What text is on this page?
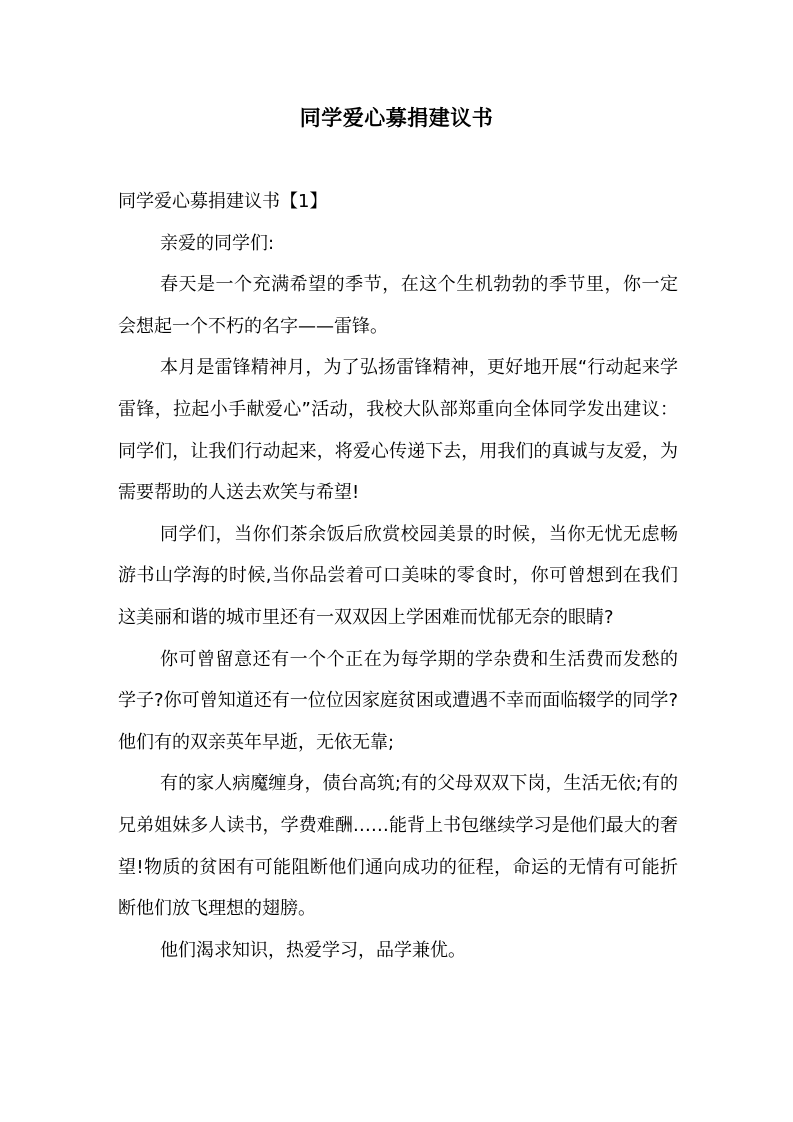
同学爱心募捐建议书

同学爱心募捐建议书【1】

亲爱的同学们:

春天是一个充满希望的季节，在这个生机勃勃的季节里，你一定会想起一个不朽的名字——雷锋。

本月是雷锋精神月，为了弘扬雷锋精神，更好地开展“行动起来学雷锋，拉起小手献爱心”活动，我校大队部郑重向全体同学发出建议：同学们，让我们行动起来，将爱心传递下去，用我们的真诚与友爱，为需要帮助的人送去欢笑与希望!

同学们，当你们茶余饭后欣赏校园美景的时候，当你无忧无虑畅游书山学海的时候,当你品尝着可口美味的零食时，你可曾想到在我们这美丽和谐的城市里还有一双双因上学困难而忧郁无奈的眼睛?

你可曾留意还有一个个正在为每学期的学杂费和生活费而发愁的学子?你可曾知道还有一位位因家庭贫困或遭遇不幸而面临辍学的同学?他们有的双亲英年早逝，无依无靠;

有的家人病魔缠身，债台高筑;有的父母双双下岗，生活无依;有的兄弟姐妹多人读书，学费难酬……能背上书包继续学习是他们最大的奢望!物质的贫困有可能阻断他们通向成功的征程，命运的无情有可能折断他们放飞理想的翅膀。

他们渴求知识，热爱学习，品学兼优。
